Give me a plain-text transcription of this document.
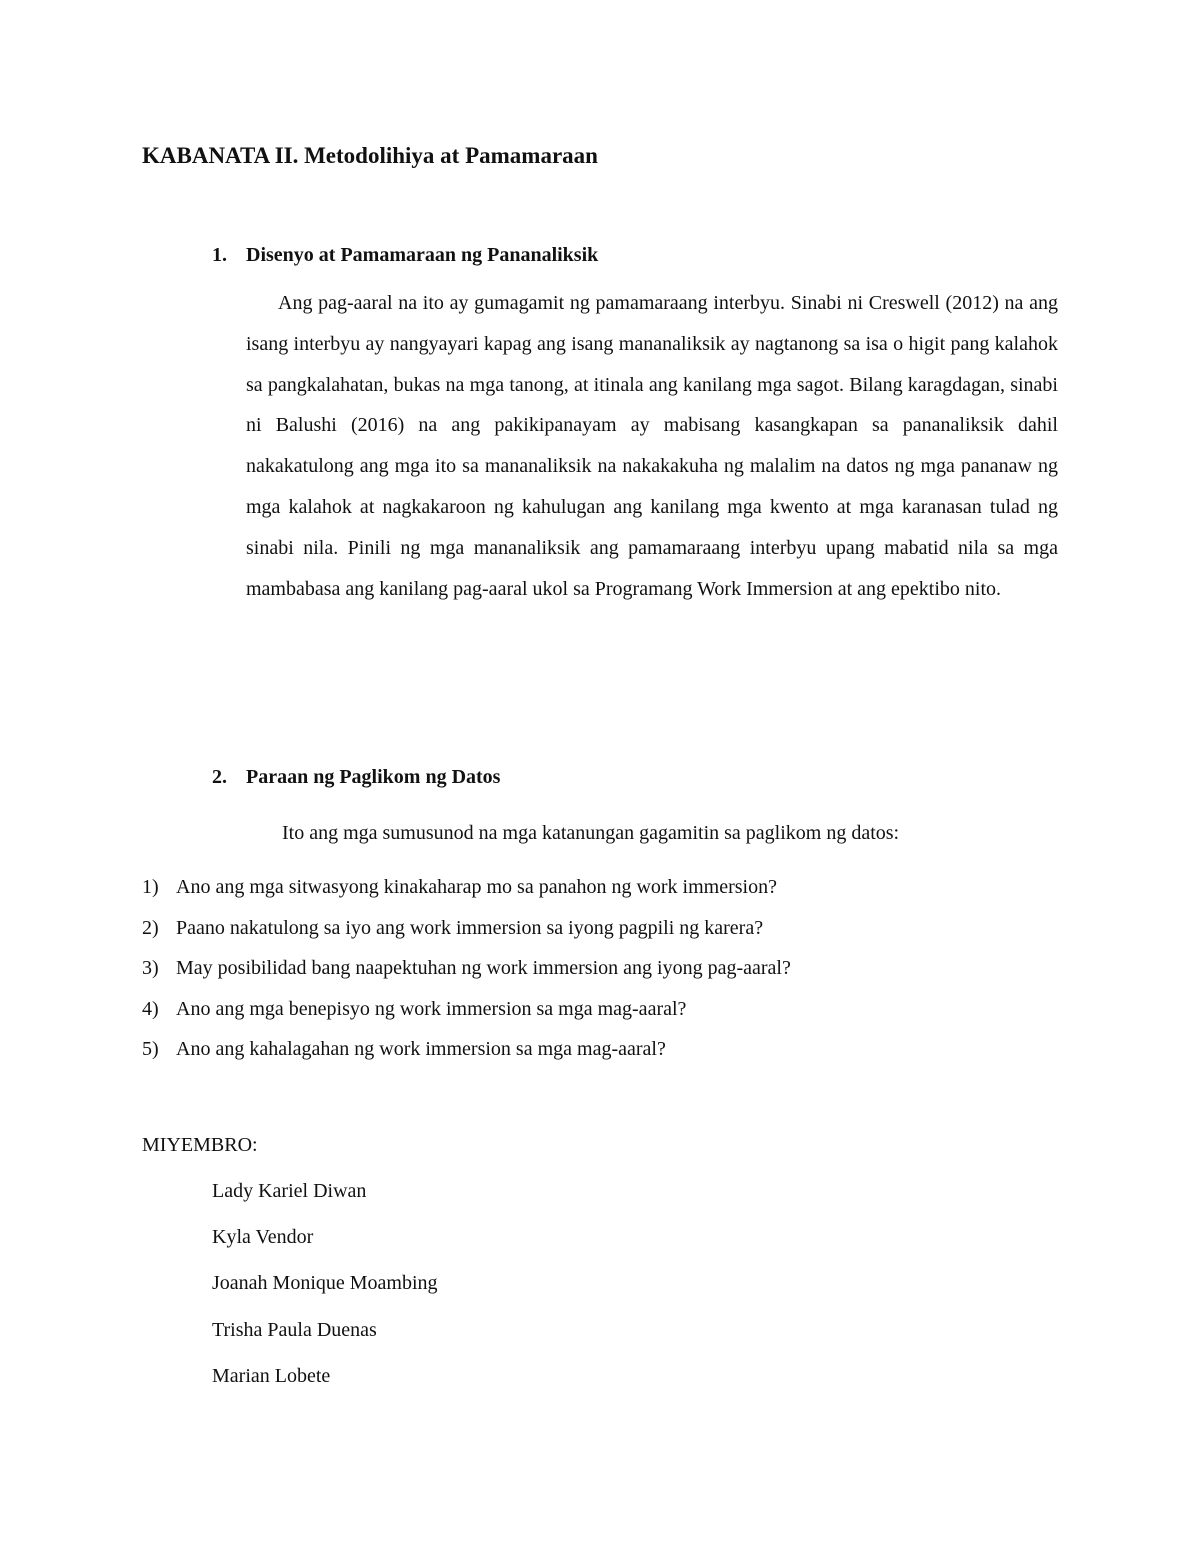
KABANATA II. Metodolihiya at Pamamaraan
1. Disenyo at Pamamaraan ng Pananaliksik

Ang pag-aaral na ito ay gumagamit ng pamamaraang interbyu. Sinabi ni Creswell (2012) na ang isang interbyu ay nangyayari kapag ang isang mananaliksik ay nagtanong sa isa o higit pang kalahok sa pangkalahatan, bukas na mga tanong, at itinala ang kanilang mga sagot. Bilang karagdagan, sinabi ni Balushi (2016) na ang pakikipanayam ay mabisang kasangkapan sa pananaliksik dahil nakakatulong ang mga ito sa mananaliksik na nakakakuha ng malalim na datos ng mga pananaw ng mga kalahok at nagkakaroon ng kahulugan ang kanilang mga kwento at mga karanasan tulad ng sinabi nila. Pinili ng mga mananaliksik ang pamamaraang interbyu upang mabatid nila sa mga mambabasa ang kanilang pag-aaral ukol sa Programang Work Immersion at ang epektibo nito.

2. Paraan ng Paglikom ng Datos

Ito ang mga sumusunod na mga katanungan gagamitin sa paglikom ng datos:

1) Ano ang mga sitwasyong kinakaharap mo sa panahon ng work immersion?
2) Paano nakatulong sa iyo ang work immersion sa iyong pagpili ng karera?
3) May posibilidad bang naapektuhan ng work immersion ang iyong pag-aaral?
4) Ano ang mga benepisyo ng work immersion sa mga mag-aaral?
5) Ano ang kahalagahan ng work immersion sa mga mag-aaral?

MIYEMBRO:

Lady Kariel Diwan
Kyla Vendor
Joanah Monique Moambing
Trisha Paula Duenas
Marian Lobete
